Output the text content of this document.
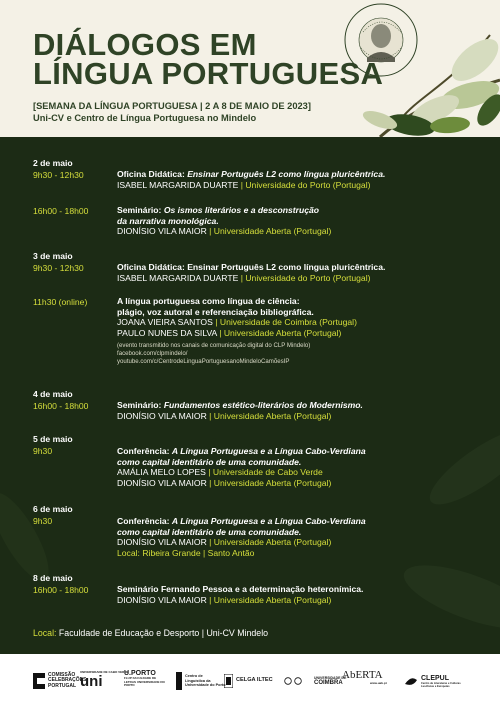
DIÁLOGOS EM
LÍNGUA PORTUGUESA
[SEMANA DA LÍNGUA PORTUGUESA | 2 A 8 DE MAIO DE 2023]
Uni-CV e Centro de Língua Portuguesa no Mindelo
2 de maio
9h30 - 12h30	Oficina Didática: Ensinar Português L2 como língua pluricêntrica.
ISABEL MARGARIDA DUARTE | Universidade do Porto (Portugal)
16h00 - 18h00	Seminário: Os ismos literários e a desconstrução
da narrativa monológica.
DIONÍSIO VILA MAIOR | Universidade Aberta (Portugal)
3 de maio
9h30 - 12h30	Oficina Didática: Ensinar Português L2 como língua pluricêntrica.
ISABEL MARGARIDA DUARTE | Universidade do Porto (Portugal)
11h30 (online)	A língua portuguesa como língua de ciência:
plágio, voz autoral e referenciação bibliográfica.
JOANA VIEIRA SANTOS | Universidade de Coimbra (Portugal)
PAULO NUNES DA SILVA | Universidade Aberta (Portugal)
(evento transmitido nos canais de comunicação digital do CLP Mindelo)
facebook.com/clpmindelo/
youtube.com/c/CentrodeLinguaPortuguesanoMindeloCamõesIP
4 de maio
16h00 - 18h00	Seminário: Fundamentos estético-literários do Modernismo.
DIONÍSIO VILA MAIOR | Universidade Aberta (Portugal)
5 de maio
9h30	Conferência: A Língua Portuguesa e a Língua Cabo-Verdiana
como capital identitário de uma comunidade.
AMÁLIA MELO LOPES | Universidade de Cabo Verde
DIONÍSIO VILA MAIOR | Universidade Aberta (Portugal)
6 de maio
9h30	Conferência: A Língua Portuguesa e a Língua Cabo-Verdiana
como capital identitário de uma comunidade.
DIONÍSIO VILA MAIOR | Universidade Aberta (Portugal)
Local: Ribeira Grande | Santo Antão
8 de maio
16h00 - 18h00	Seminário Fernando Pessoa e a determinação heteronímica.
DIONÍSIO VILA MAIOR | Universidade Aberta (Portugal)
Local: Faculdade de Educação e Desporto | Uni-CV Mindelo
COMISSÃO
CELEBRAÇÕES
PORTUGAL
UNIVERSIDADE DE CABO VERDE
uni	U.PORTO
FLUP FACULDADE DE LETRAS UNIVERSIDADE DO PORTO
Centro de
Linguística da
Universidade do Porto
CELGA ILTEC	UNIVERSIDADE DE
COIMBRA
AbERTA
www.uab.pt
CLEPUL
Centro de Literaturas e Culturas Lusófonas e Europeias
